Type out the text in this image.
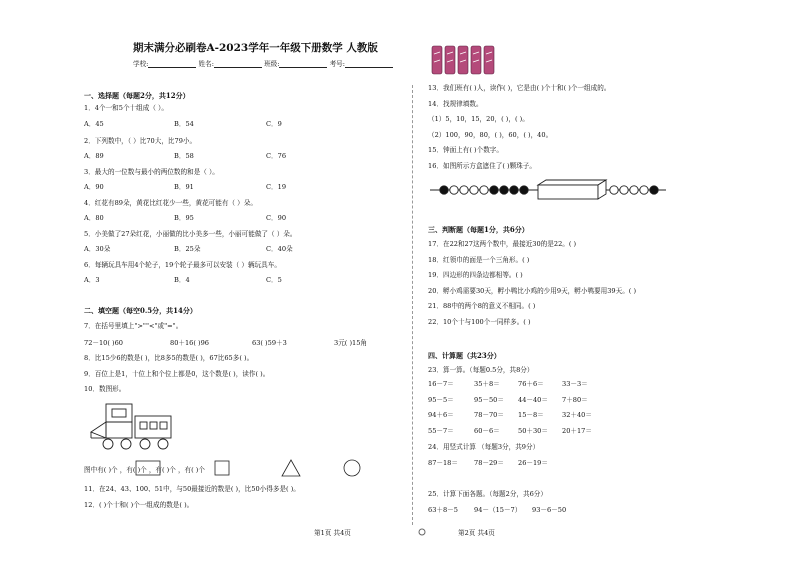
期末满分必刷卷A-2023学年一年级下册数学 人教版
学校:	姓名:	班级:	考号:
一、选择题（每题2分，共12分）
1．4个一和5个十组成（ ）。
A．45	B．54	C．9
2．下列数中，（ ）比70大，比79小。
A．89	B．58	C．76
3．最大的一位数与最小的两位数的和是（ ）。
A．90	B．91	C．19
4．红花有89朵，黄花比红花少一些，黄花可能有（ ）朵。
A．80	B．95	C．90
5．小美做了27朵红花，小丽做的比小美多一些，小丽可能做了（ ）朵。
A．30朵	B．25朵	C．40朵
6．每辆玩具车用4个轮子，19个轮子最多可以安装（ ）辆玩具车。
A．3	B．4	C．5
二、填空题（每空0.5分，共14分）
7．在括号里填上">""<"或"="。
72－10( )60	80＋16( )96	63( )59＋3	3元( )15角
8．比15少6的数是( )，比8多5的数是( )，67比65多( )。
9．百位上是1，十位上和个位上都是0，这个数是( )，读作( )。
10．数图形。
图中有( )个 ，有( )个 ，有( )个 ，有( )个
11．在24、43、100、51中，与50最接近的数是( )，比50小得多是( )。
12．( )个十和( )个一组成的数是( )。
13．我们班有( )人，读作( )，它是由( )个十和( )个一组成的。
14．找规律填数。
（1）5，10，15，20，( )，( )。
（2）100，90，80，( )，60，( )，40。
15．钟面上有( )个数字。
16．如图所示方盒遮住了( )颗珠子。
三、判断题（每题1分，共6分）
17．在22和27这两个数中，最接近30的是22。( )
18．红领巾的面是一个三角形。( )
19．四边形的四条边都相等。( )
20．孵小鸡需要30天，孵小鸭比小鸡的少用9天，孵小鸭要用39天。( )
21．88中的两个8的意义不相同。( )
22．10个十与100个一同样多。( )
四、计算题（共23分）
23．算一算。（每题0.5分，共8分）
16－7＝	35＋8＝	76＋6＝	33－3＝
95－5＝	95－50＝	44－40＝	7＋80＝
94＋6＝	78－70＝	15－8＝	32＋40＝
55－7＝	60－6＝	50＋30＝	20＋17＝
24．用竖式计算 （每题3分，共9分）
87－18＝	78－29＝	26－19＝
25．计算下面各题。（每题2分，共6分）
63＋8－5	94－（15－7）	93－6－50
第1页 共4页	第2页 共4页
